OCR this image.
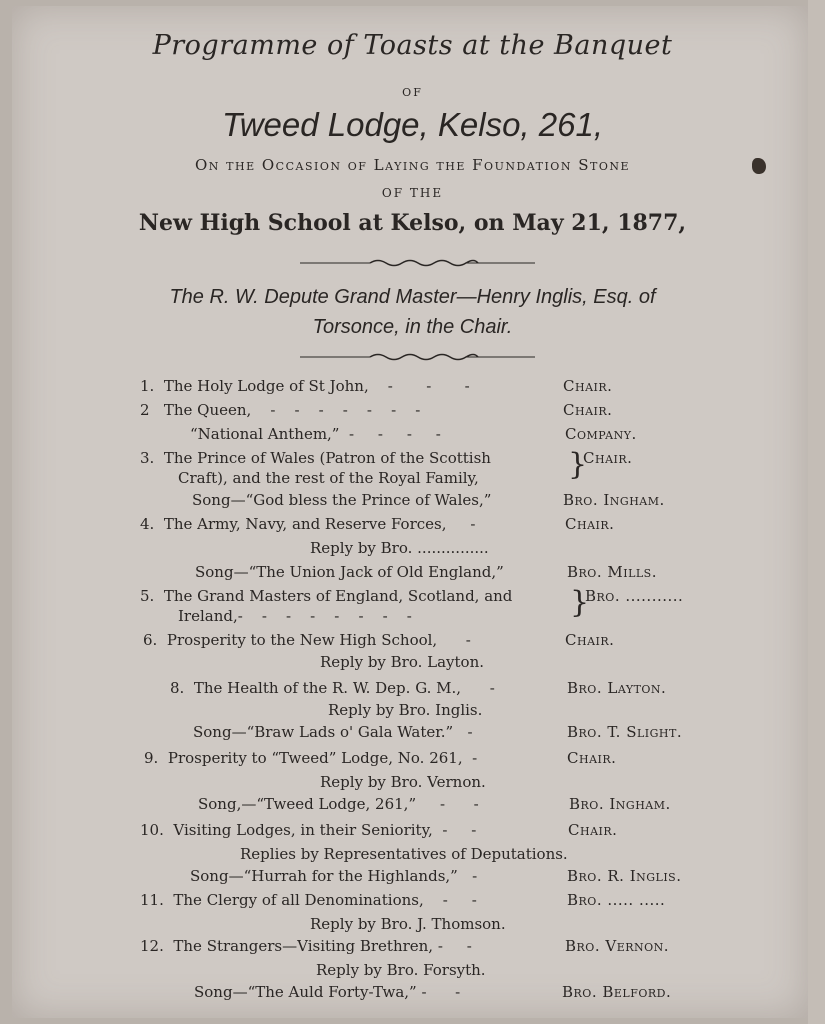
Programme of Toasts at the Banquet
OF
Tweed Lodge, Kelso, 261,
On the Occasion of Laying the Foundation Stone
OF THE
New High School at Kelso, on May 21, 1877,
The R. W. Depute Grand Master—Henry Inglis, Esq. of
Torsonce, in the Chair.
1.  The Holy Lodge of St John,    -       -       -	Chair.
2   The Queen,    -    -    -    -    -    -    -	Chair.
“National Anthem,”  -     -     -     -	Company.
3.  The Prince of Wales (Patron of the Scottish	Chair.
Craft), and the rest of the Royal Family,
Song—“God bless the Prince of Wales,”	Bro. Ingham.
4.  The Army, Navy, and Reserve Forces,     -	Chair.
Reply by Bro. ...............
Song—“The Union Jack of Old England,”	Bro. Mills.
5.  The Grand Masters of England, Scotland, and	Bro. ...........
Ireland,-    -    -    -    -    -    -    -
6.  Prosperity to the New High School,      -	Chair.
Reply by Bro. Layton.
8.  The Health of the R. W. Dep. G. M.,      -	Bro. Layton.
Reply by Bro. Inglis.
Song—“Braw Lads o' Gala Water.”   -	Bro. T. Slight.
9.  Prosperity to “Tweed” Lodge, No. 261,  -	Chair.
Reply by Bro. Vernon.
Song,—“Tweed Lodge, 261,”     -      -	Bro. Ingham.
10.  Visiting Lodges, in their Seniority,  -     -	Chair.
Replies by Representatives of Deputations.
Song—“Hurrah for the Highlands,”   -	Bro. R. Inglis.
11.  The Clergy of all Denominations,    -     -	Bro. ..... .....
Reply by Bro. J. Thomson.
12.  The Strangers—Visiting Brethren, -     -	Bro. Vernon.
Reply by Bro. Forsyth.
Song—“The Auld Forty-Twa,” -      -	Bro. Belford.
}
}
